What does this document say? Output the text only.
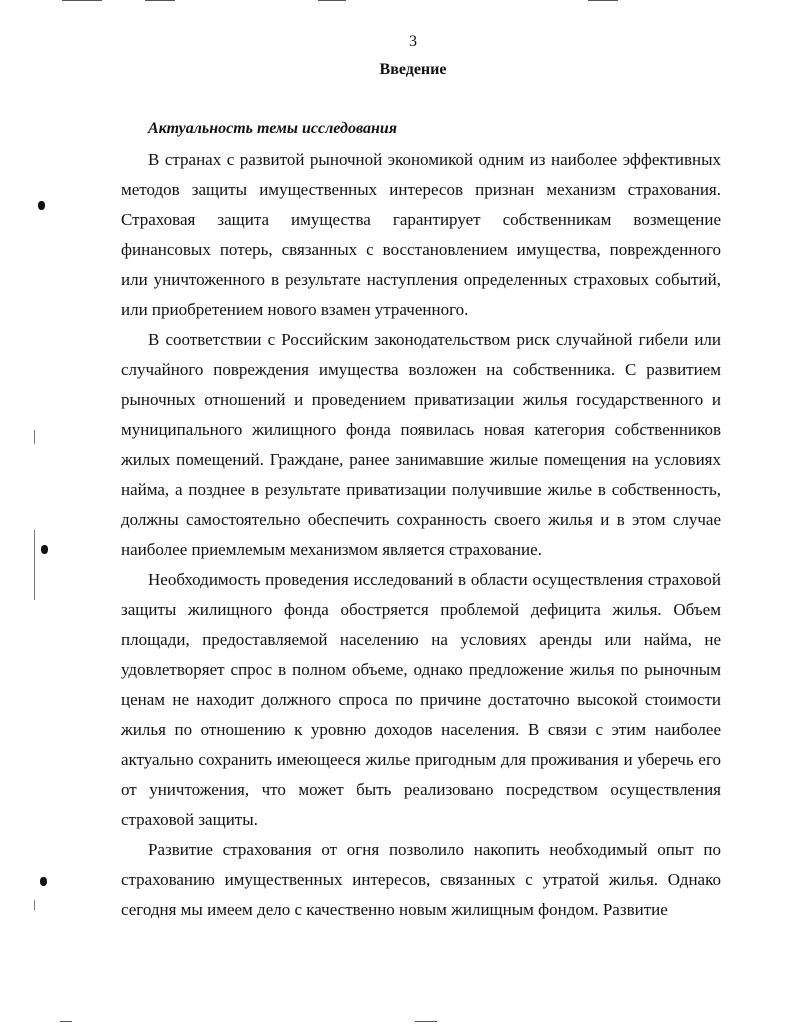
3
Введение
Актуальность темы исследования

В странах с развитой рыночной экономикой одним из наиболее эффективных методов защиты имущественных интересов признан механизм страхования. Страховая защита имущества гарантирует собственникам возмещение финансовых потерь, связанных с восстановлением имущества, поврежденного или уничтоженного в результате наступления определенных страховых событий, или приобретением нового взамен утраченного.

В соответствии с Российским законодательством риск случайной гибели или случайного повреждения имущества возложен на собственника. С развитием рыночных отношений и проведением приватизации жилья государственного и муниципального жилищного фонда появилась новая категория собственников жилых помещений. Граждане, ранее занимавшие жилые помещения на условиях найма, а позднее в результате приватизации получившие жилье в собственность, должны самостоятельно обеспечить сохранность своего жилья и в этом случае наиболее приемлемым механизмом является страхование.

Необходимость проведения исследований в области осуществления страховой защиты жилищного фонда обостряется проблемой дефицита жилья. Объем площади, предоставляемой населению на условиях аренды или найма, не удовлетворяет спрос в полном объеме, однако предложение жилья по рыночным ценам не находит должного спроса по причине достаточно высокой стоимости жилья по отношению к уровню доходов населения. В связи с этим наиболее актуально сохранить имеющееся жилье пригодным для проживания и уберечь его от уничтожения, что может быть реализовано посредством осуществления страховой защиты.

Развитие страхования от огня позволило накопить необходимый опыт по страхованию имущественных интересов, связанных с утратой жилья. Однако сегодня мы имеем дело с качественно новым жилищным фондом. Развитие
